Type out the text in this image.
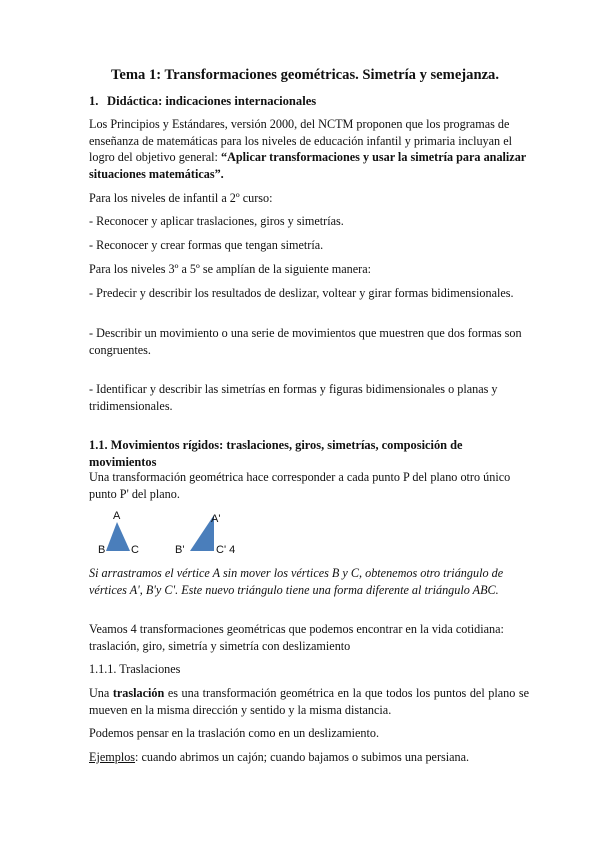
Tema 1: Transformaciones geométricas. Simetría y semejanza.
1. Didáctica: indicaciones internacionales
Los Principios y Estándares, versión 2000, del NCTM proponen que los programas de enseñanza de matemáticas para los niveles de educación infantil y primaria incluyan el logro del objetivo general: “Aplicar transformaciones y usar la simetría para analizar situaciones matemáticas”.
Para los niveles de infantil a 2º curso:
- Reconocer y aplicar traslaciones, giros y simetrías.
- Reconocer y crear formas que tengan simetría.
Para los niveles 3º a 5º se amplían de la siguiente manera:
- Predecir y describir los resultados de deslizar, voltear y girar formas bidimensionales.
- Describir un movimiento o una serie de movimientos que muestren que dos formas son
congruentes.
- Identificar y describir las simetrías en formas y figuras bidimensionales o planas y tridimensionales.
1.1. Movimientos rígidos: traslaciones, giros, simetrías, composición de movimientos
Una transformación geométrica hace corresponder a cada punto P del plano otro único punto P' del plano.
A
B C
A'
B'	C' 4
Si arrastramos el vértice A sin mover los vértices B y C, obtenemos otro triángulo de vértices A', B'y C'. Este nuevo triángulo tiene una forma diferente al triángulo ABC.
Veamos 4 transformaciones geométricas que podemos encontrar en la vida cotidiana: traslación, giro, simetría y simetría con deslizamiento
1.1.1. Traslaciones
Una traslación es una transformación geométrica en la que todos los puntos del plano se mueven en la misma dirección y sentido y la misma distancia.
Podemos pensar en la traslación como en un deslizamiento.
Ejemplos: cuando abrimos un cajón; cuando bajamos o subimos una persiana.
